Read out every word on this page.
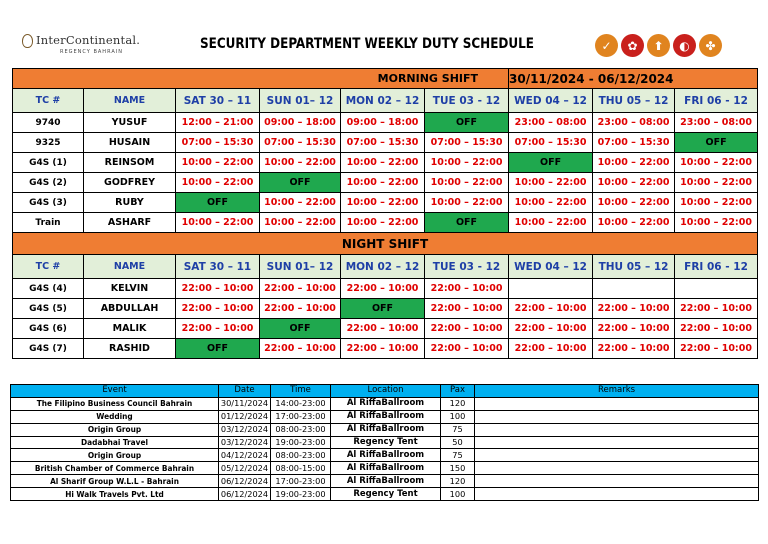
InterContinental.
REGENCY BAHRAIN	SECURITY DEPARTMENT WEEKLY DUTY SCHEDULE	✓	✿	⬆	◐	✤
MORNING SHIFT						30/11/2024 - 06/12/2024		
TC #	NAME	SAT 30 – 11	SUN 01– 12	MON 02 – 12	TUE 03 - 12	WED 04 – 12	THU 05 – 12	FRI 06 - 12
9740	YUSUF	12:00 – 21:00	09:00 – 18:00	09:00 – 18:00	OFF	23:00 – 08:00	23:00 – 08:00	23:00 – 08:00
9325	HUSAIN	07:00 – 15:30	07:00 – 15:30	07:00 – 15:30	07:00 – 15:30	07:00 – 15:30	07:00 – 15:30	OFF
G4S (1)	REINSOM	10:00 – 22:00	10:00 – 22:00	10:00 – 22:00	10:00 – 22:00	OFF	10:00 – 22:00	10:00 – 22:00
G4S (2)	GODFREY	10:00 – 22:00	OFF	10:00 – 22:00	10:00 – 22:00	10:00 – 22:00	10:00 – 22:00	10:00 – 22:00
G4S (3)	RUBY	OFF	10:00 – 22:00	10:00 – 22:00	10:00 – 22:00	10:00 – 22:00	10:00 – 22:00	10:00 – 22:00
Train	ASHARF	10:00 – 22:00	10:00 – 22:00	10:00 – 22:00	OFF	10:00 – 22:00	10:00 – 22:00	10:00 – 22:00
NIGHT SHIFT								
TC #	NAME	SAT 30 – 11	SUN 01– 12	MON 02 – 12	TUE 03 - 12	WED 04 – 12	THU 05 – 12	FRI 06 - 12
G4S (4)	KELVIN	22:00 – 10:00	22:00 – 10:00	22:00 – 10:00	22:00 – 10:00			
G4S (5)	ABDULLAH	22:00 – 10:00	22:00 – 10:00	OFF	22:00 – 10:00	22:00 – 10:00	22:00 – 10:00	22:00 – 10:00
G4S (6)	MALIK	22:00 – 10:00	OFF	22:00 – 10:00	22:00 – 10:00	22:00 – 10:00	22:00 – 10:00	22:00 – 10:00
G4S (7)	RASHID	OFF	22:00 – 10:00	22:00 – 10:00	22:00 – 10:00	22:00 – 10:00	22:00 – 10:00	22:00 – 10:00
Event	Date	Time	Location	Pax	Remarks
The Filipino Business Council Bahrain	30/11/2024	14:00-23:00	Al RiffaBallroom	120	
Wedding	01/12/2024	17:00-23:00	Al RiffaBallroom	100	
Origin Group	03/12/2024	08:00-23:00	Al RiffaBallroom	75	
Dadabhai Travel	03/12/2024	19:00-23:00	Regency Tent	50	
Origin Group	04/12/2024	08:00-23:00	Al RiffaBallroom	75	
British Chamber of Commerce Bahrain	05/12/2024	08:00-15:00	Al RiffaBallroom	150	
Al Sharif Group W.L.L - Bahrain	06/12/2024	17:00-23:00	Al RiffaBallroom	120	
Hi Walk Travels Pvt. Ltd	06/12/2024	19:00-23:00	Regency Tent	100	
